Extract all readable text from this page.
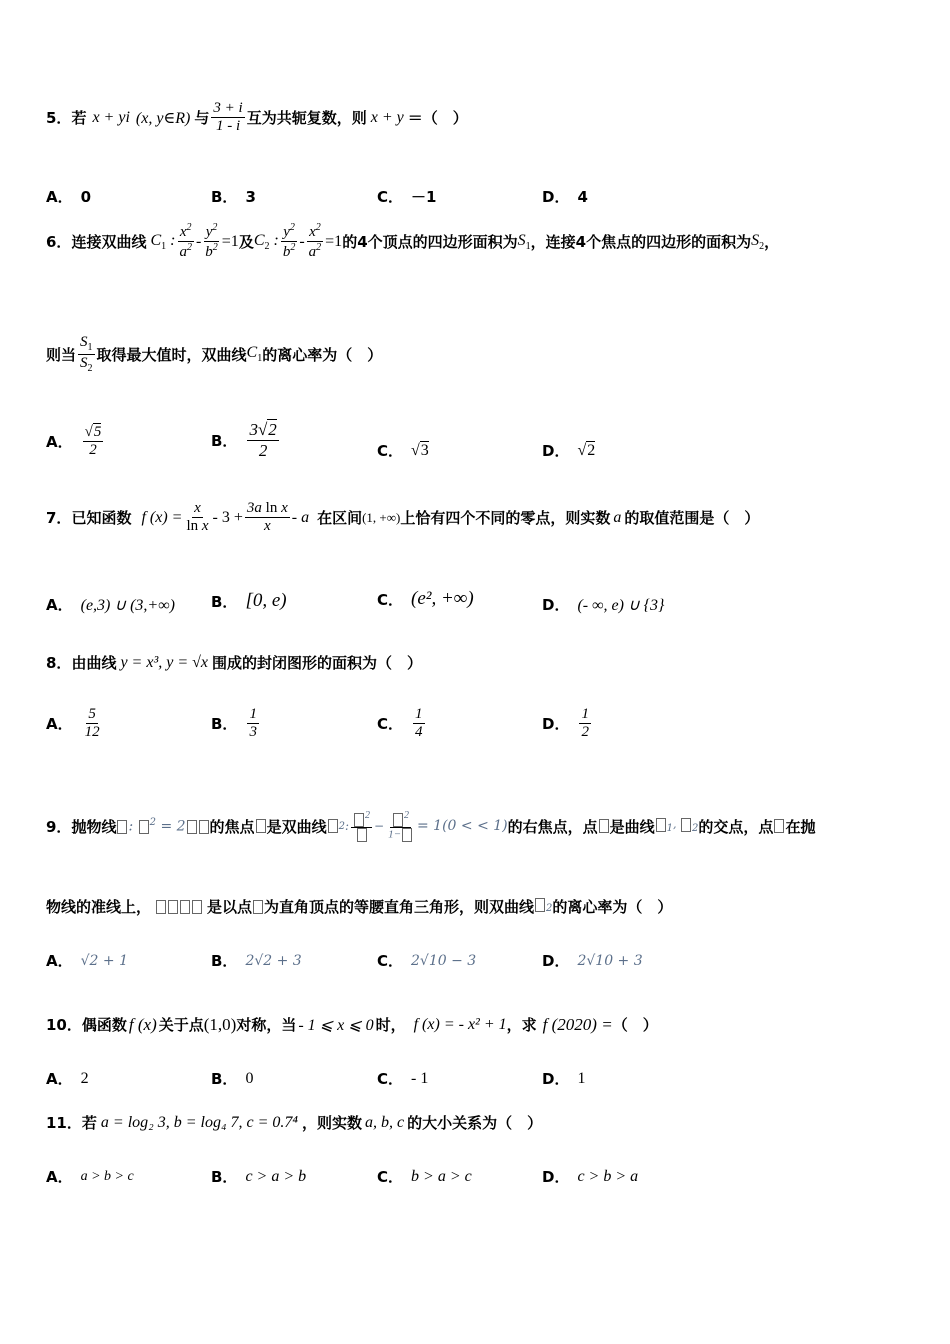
5． 若 x + yi (x, y∈R) 与 $\frac{3 + i}{1 - i}$ 互为共轭复数，则 x + y ＝（　）
A． 0	B． 3	C． －1	D． 4
6． 连接双曲线 $C_1$ : $\frac{x^2}{a^2} - \frac{y^2}{b^2} =1$ 及 $C_2$ : $\frac{y^2}{b^2} - \frac{x^2}{a^2} =1$ 的4个顶点的四边形面积为 $S_1$ ，连接4个焦点的四边形的面积为 $S_2$ ，
则当 $\frac{S_1}{S_2}$ 取得最大值时，双曲线 $C_1$ 的离心率为（　）
A． $\frac{√5}{2}$	B． $\frac{3√2}{2}$	C． √3	D． √2
7． 已知函数 f $(x) = \frac{x}{\text{ln x}} - 3 + \frac{\text{3a ln x}}{x} - a$ 在区间 (1, +∞) 上恰有四个不同的零点，则实数 a 的取值范围是（　）
A． (e,3) ∪ (3,+∞) B． [0, e)	C． (e², +∞)	D． (- ∞, e) ∪ {3}
8． 由曲线 y = x³, y = √x 围成的封闭图形的面积为（　）
A． $\frac{5}{12}$	B． $\frac{1}{3}$	C． $\frac{1}{4}$	D． $\frac{1}{2}$
9． 抛物线 : $^2$ = 2	的焦点 是双曲线 2 :
2
− $\frac{2}{1-} = 1(0$ < < 1) 的右焦点，点 是曲线	1, 2 的交点，点 在抛
物线的准线上，	是以点 为直角顶点的等腰直角三角形，则双曲线	2 的离心率为（　）
A． √2 + 1	B． 2√2 + 3	C． 2√10 − 3	D． 2√10 + 3
10． 偶函数 f (x) 关于点 (1,0) 对称，当 - 1 ⩽ x ⩽ 0 时， f (x) = - x² + 1 ，求 f (2020) = （　）
A． 2	B． 0	C． - 1	D． 1
11． 若 a = log₂ 3, b = log₄ 7, c = 0.7⁴ ，则实数 a, b, c 的大小关系为（　）
A． a > b > c	B． c > a > b	C． b > a > c	D． c > b > a
